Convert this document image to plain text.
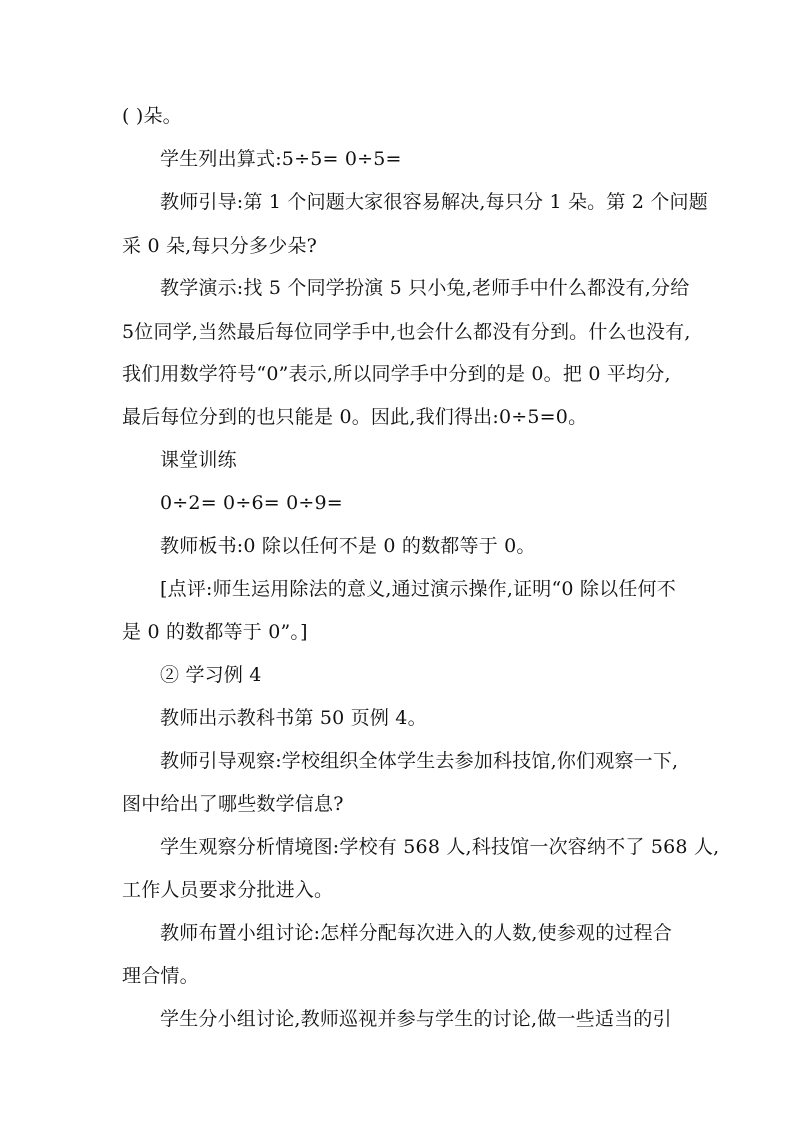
( )朵。
学生列出算式:5÷5= 0÷5=
教师引导:第 1 个问题大家很容易解决,每只分 1 朵。第 2 个问题
采 0 朵,每只分多少朵?
教学演示:找 5 个同学扮演 5 只小兔,老师手中什么都没有,分给
5位同学,当然最后每位同学手中,也会什么都没有分到。什么也没有,
我们用数学符号“0”表示,所以同学手中分到的是 0。把 0 平均分,
最后每位分到的也只能是 0。因此,我们得出:0÷5=0。
课堂训练
0÷2= 0÷6= 0÷9=
教师板书:0 除以任何不是 0 的数都等于 0。
[点评:师生运用除法的意义,通过演示操作,证明“0 除以任何不
是 0 的数都等于 0”。]
② 学习例 4
教师出示教科书第 50 页例 4。
教师引导观察:学校组织全体学生去参加科技馆,你们观察一下,
图中给出了哪些数学信息?
学生观察分析情境图:学校有 568 人,科技馆一次容纳不了 568 人,
工作人员要求分批进入。
教师布置小组讨论:怎样分配每次进入的人数,使参观的过程合
理合情。
学生分小组讨论,教师巡视并参与学生的讨论,做一些适当的引
